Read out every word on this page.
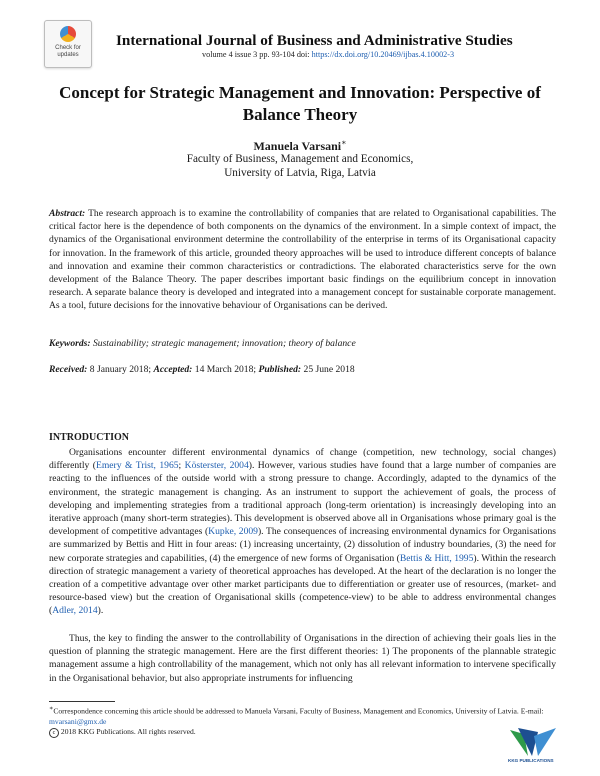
Check for
updates
International Journal of Business and Administrative Studies
volume 4 issue 3 pp. 93-104 doi: https://dx.doi.org/10.20469/ijbas.4.10002-3
Concept for Strategic Management and Innovation: Perspective of Balance Theory
Manuela Varsani∗
Faculty of Business, Management and Economics,
University of Latvia, Riga, Latvia

Abstract: The research approach is to examine the controllability of companies that are related to Organisational capabilities. The critical factor here is the dependence of both components on the dynamics of the environment. In a simple context of impact, the dynamics of the Organisational environment determine the controllability of the enterprise in terms of its Organisational capacity for innovation. In the framework of this article, grounded theory approaches will be used to introduce different concepts of balance and innovation and examine their common characteristics or contradictions. The elaborated characteristics serve for the own development of the Balance Theory. The paper describes important basic findings on the equilibrium concept in innovation research. A separate balance theory is developed and integrated into a management concept for sustainable corporate management. As a tool, future decisions for the innovative behaviour of Organisations can be derived.

Keywords: Sustainability; strategic management; innovation; theory of balance
Received: 8 January 2018; Accepted: 14 March 2018; Published: 25 June 2018
INTRODUCTION

Organisations encounter different environmental dynamics of change (competition, new technology, social changes) differently (Emery & Trist, 1965; Kösterster, 2004). However, various studies have found that a large number of companies are reacting to the influences of the outside world with a strong pressure to change. Accordingly, adapted to the dynamics of the environment, the strategic management is changing. As an instrument to support the achievement of goals, the process of developing and implementing strategies from a traditional approach (long-term orientation) is increasingly developing into an iterative approach (many short-term strategies). This development is observed above all in Organisations whose primary goal is the development of competitive advantages (Kupke, 2009). The consequences of increasing environmental dynamics for Organisations are summarized by Bettis and Hitt in four areas: (1) increasing uncertainty, (2) dissolution of industry boundaries, (3) the need for new corporate strategies and capabilities, (4) the emergence of new forms of Organisation (Bettis & Hitt, 1995). Within the research direction of strategic management a variety of theoretical approaches has developed. At the heart of the declaration is no longer the creation of a competitive advantage over other market participants due to differentiation or greater use of resources, (market- and resource-based view) but the creation of Organisational skills (competence-view) to be able to address environmental changes (Adler, 2014).

Thus, the key to finding the answer to the controllability of Organisations in the direction of achieving their goals lies in the question of planning the strategic management. Here are the first different theories: 1) The proponents of the plannable strategic management assume a high controllability of the management, which not only has all relevant information to intervene specifically in the Organisational behavior, but also appropriate instruments for influencing

∗Correspondence concerning this article should be addressed to Manuela Varsani, Faculty of Business, Management and Economics, University of Latvia. E-mail: mvarsani@gmx.de
c 2018 KKG Publications. All rights reserved.
KKG PUBLICATIONS
